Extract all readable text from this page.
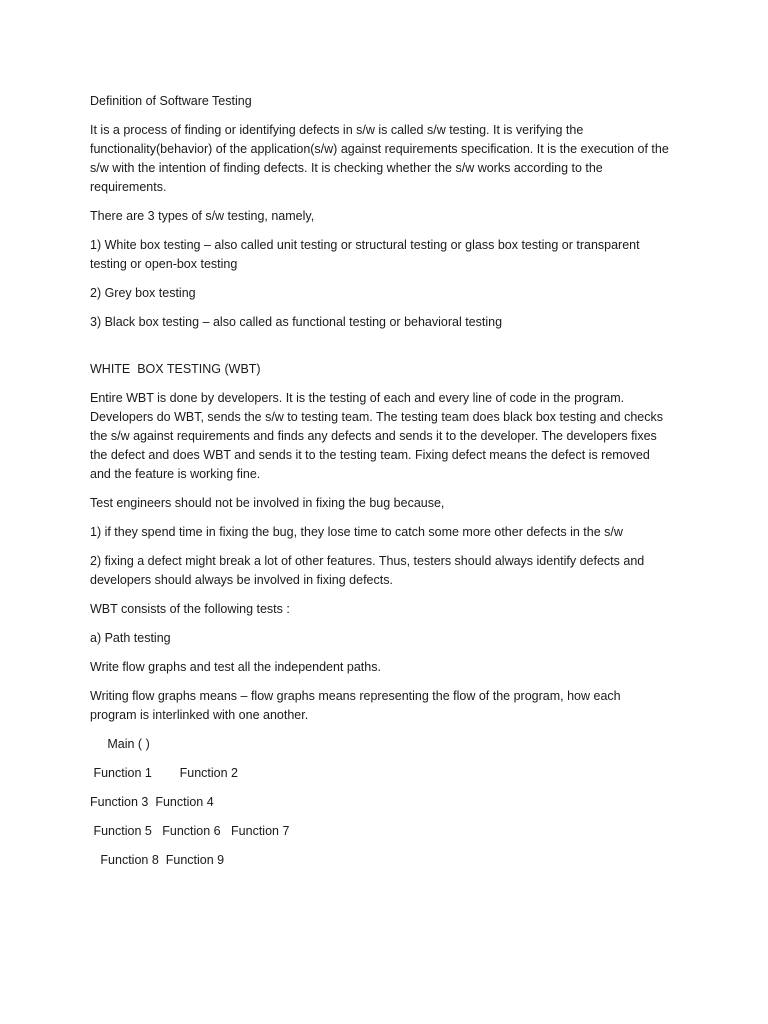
Definition of Software Testing

It is a process of finding or identifying defects in s/w is called s/w testing. It is verifying the functionality(behavior) of the application(s/w) against requirements specification. It is the execution of the s/w with the intention of finding defects. It is checking whether the s/w works according to the requirements.

There are 3 types of s/w testing, namely,

1) White box testing – also called unit testing or structural testing or glass box testing or transparent testing or open-box testing

2) Grey box testing

3) Black box testing – also called as functional testing or behavioral testing

WHITE  BOX TESTING (WBT)

Entire WBT is done by developers. It is the testing of each and every line of code in the program. Developers do WBT, sends the s/w to testing team. The testing team does black box testing and checks the s/w against requirements and finds any defects and sends it to the developer. The developers fixes the defect and does WBT and sends it to the testing team. Fixing defect means the defect is removed and the feature is working fine.

Test engineers should not be involved in fixing the bug because,

1) if they spend time in fixing the bug, they lose time to catch some more other defects in the s/w

2) fixing a defect might break a lot of other features. Thus, testers should always identify defects and developers should always be involved in fixing defects.

WBT consists of the following tests :

a) Path testing

Write flow graphs and test all the independent paths.

Writing flow graphs means – flow graphs means representing the flow of the program, how each program is interlinked with one another.

Main ( )

Function 1        Function 2

Function 3  Function 4

Function 5   Function 6   Function 7

Function 8  Function 9
